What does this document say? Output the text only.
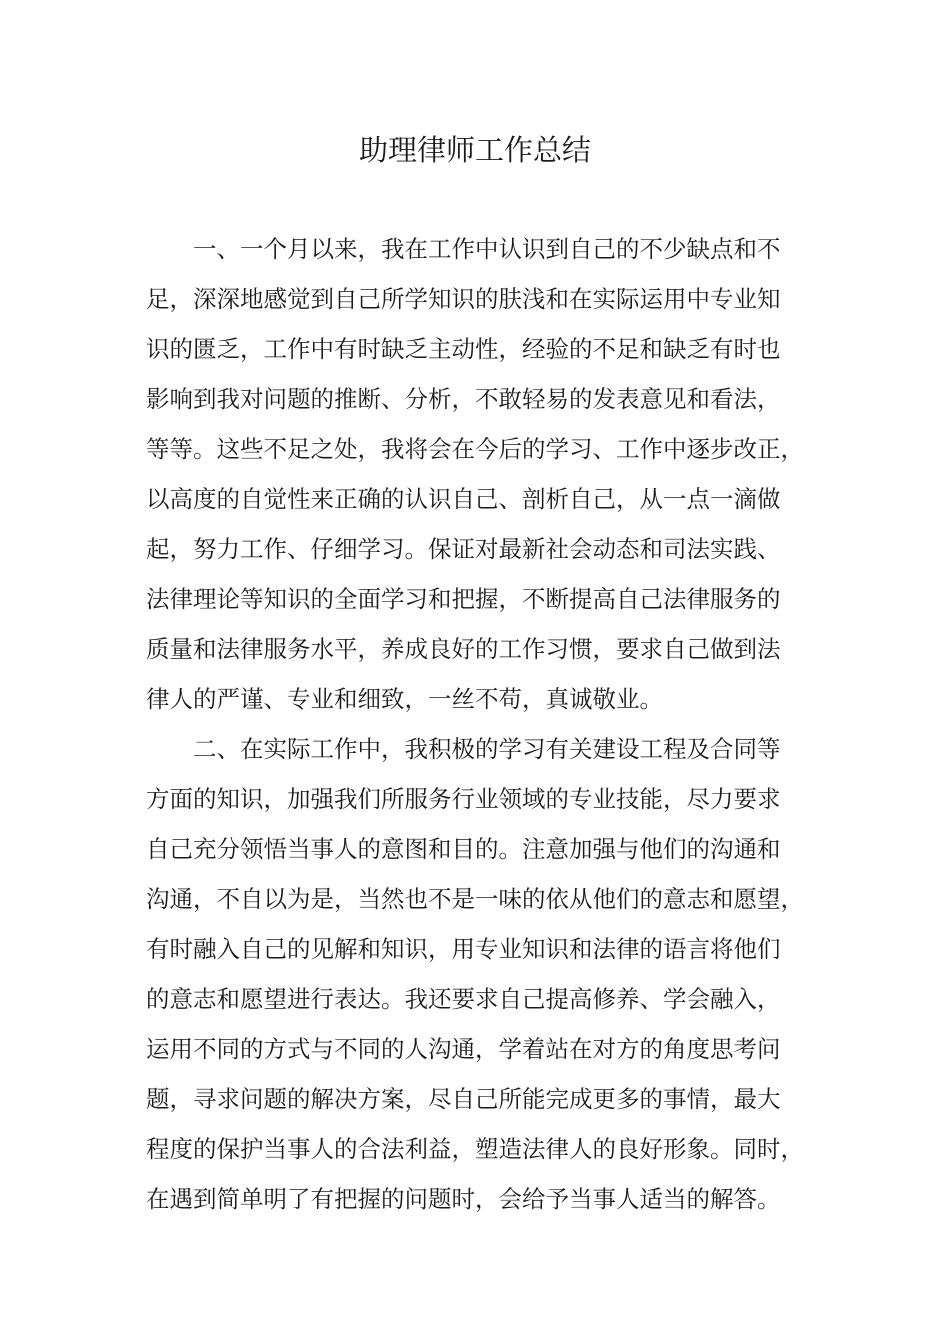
助理律师工作总结

一、一个月以来，我在工作中认识到自己的不少缺点和不

足，深深地感觉到自己所学知识的肤浅和在实际运用中专业知

识的匮乏，工作中有时缺乏主动性，经验的不足和缺乏有时也

影响到我对问题的推断、分析，不敢轻易的发表意见和看法，

等等。这些不足之处，我将会在今后的学习、工作中逐步改正，

以高度的自觉性来正确的认识自己、剖析自己，从一点一滴做

起，努力工作、仔细学习。保证对最新社会动态和司法实践、

法律理论等知识的全面学习和把握，不断提高自己法律服务的

质量和法律服务水平，养成良好的工作习惯，要求自己做到法

律人的严谨、专业和细致，一丝不苟，真诚敬业。

二、在实际工作中，我积极的学习有关建设工程及合同等

方面的知识，加强我们所服务行业领域的专业技能，尽力要求

自己充分领悟当事人的意图和目的。注意加强与他们的沟通和

沟通，不自以为是，当然也不是一味的依从他们的意志和愿望，

有时融入自己的见解和知识，用专业知识和法律的语言将他们

的意志和愿望进行表达。我还要求自己提高修养、学会融入，

运用不同的方式与不同的人沟通，学着站在对方的角度思考问

题，寻求问题的解决方案，尽自己所能完成更多的事情，最大

程度的保护当事人的合法利益，塑造法律人的良好形象。同时，

在遇到简单明了有把握的问题时，会给予当事人适当的解答。
